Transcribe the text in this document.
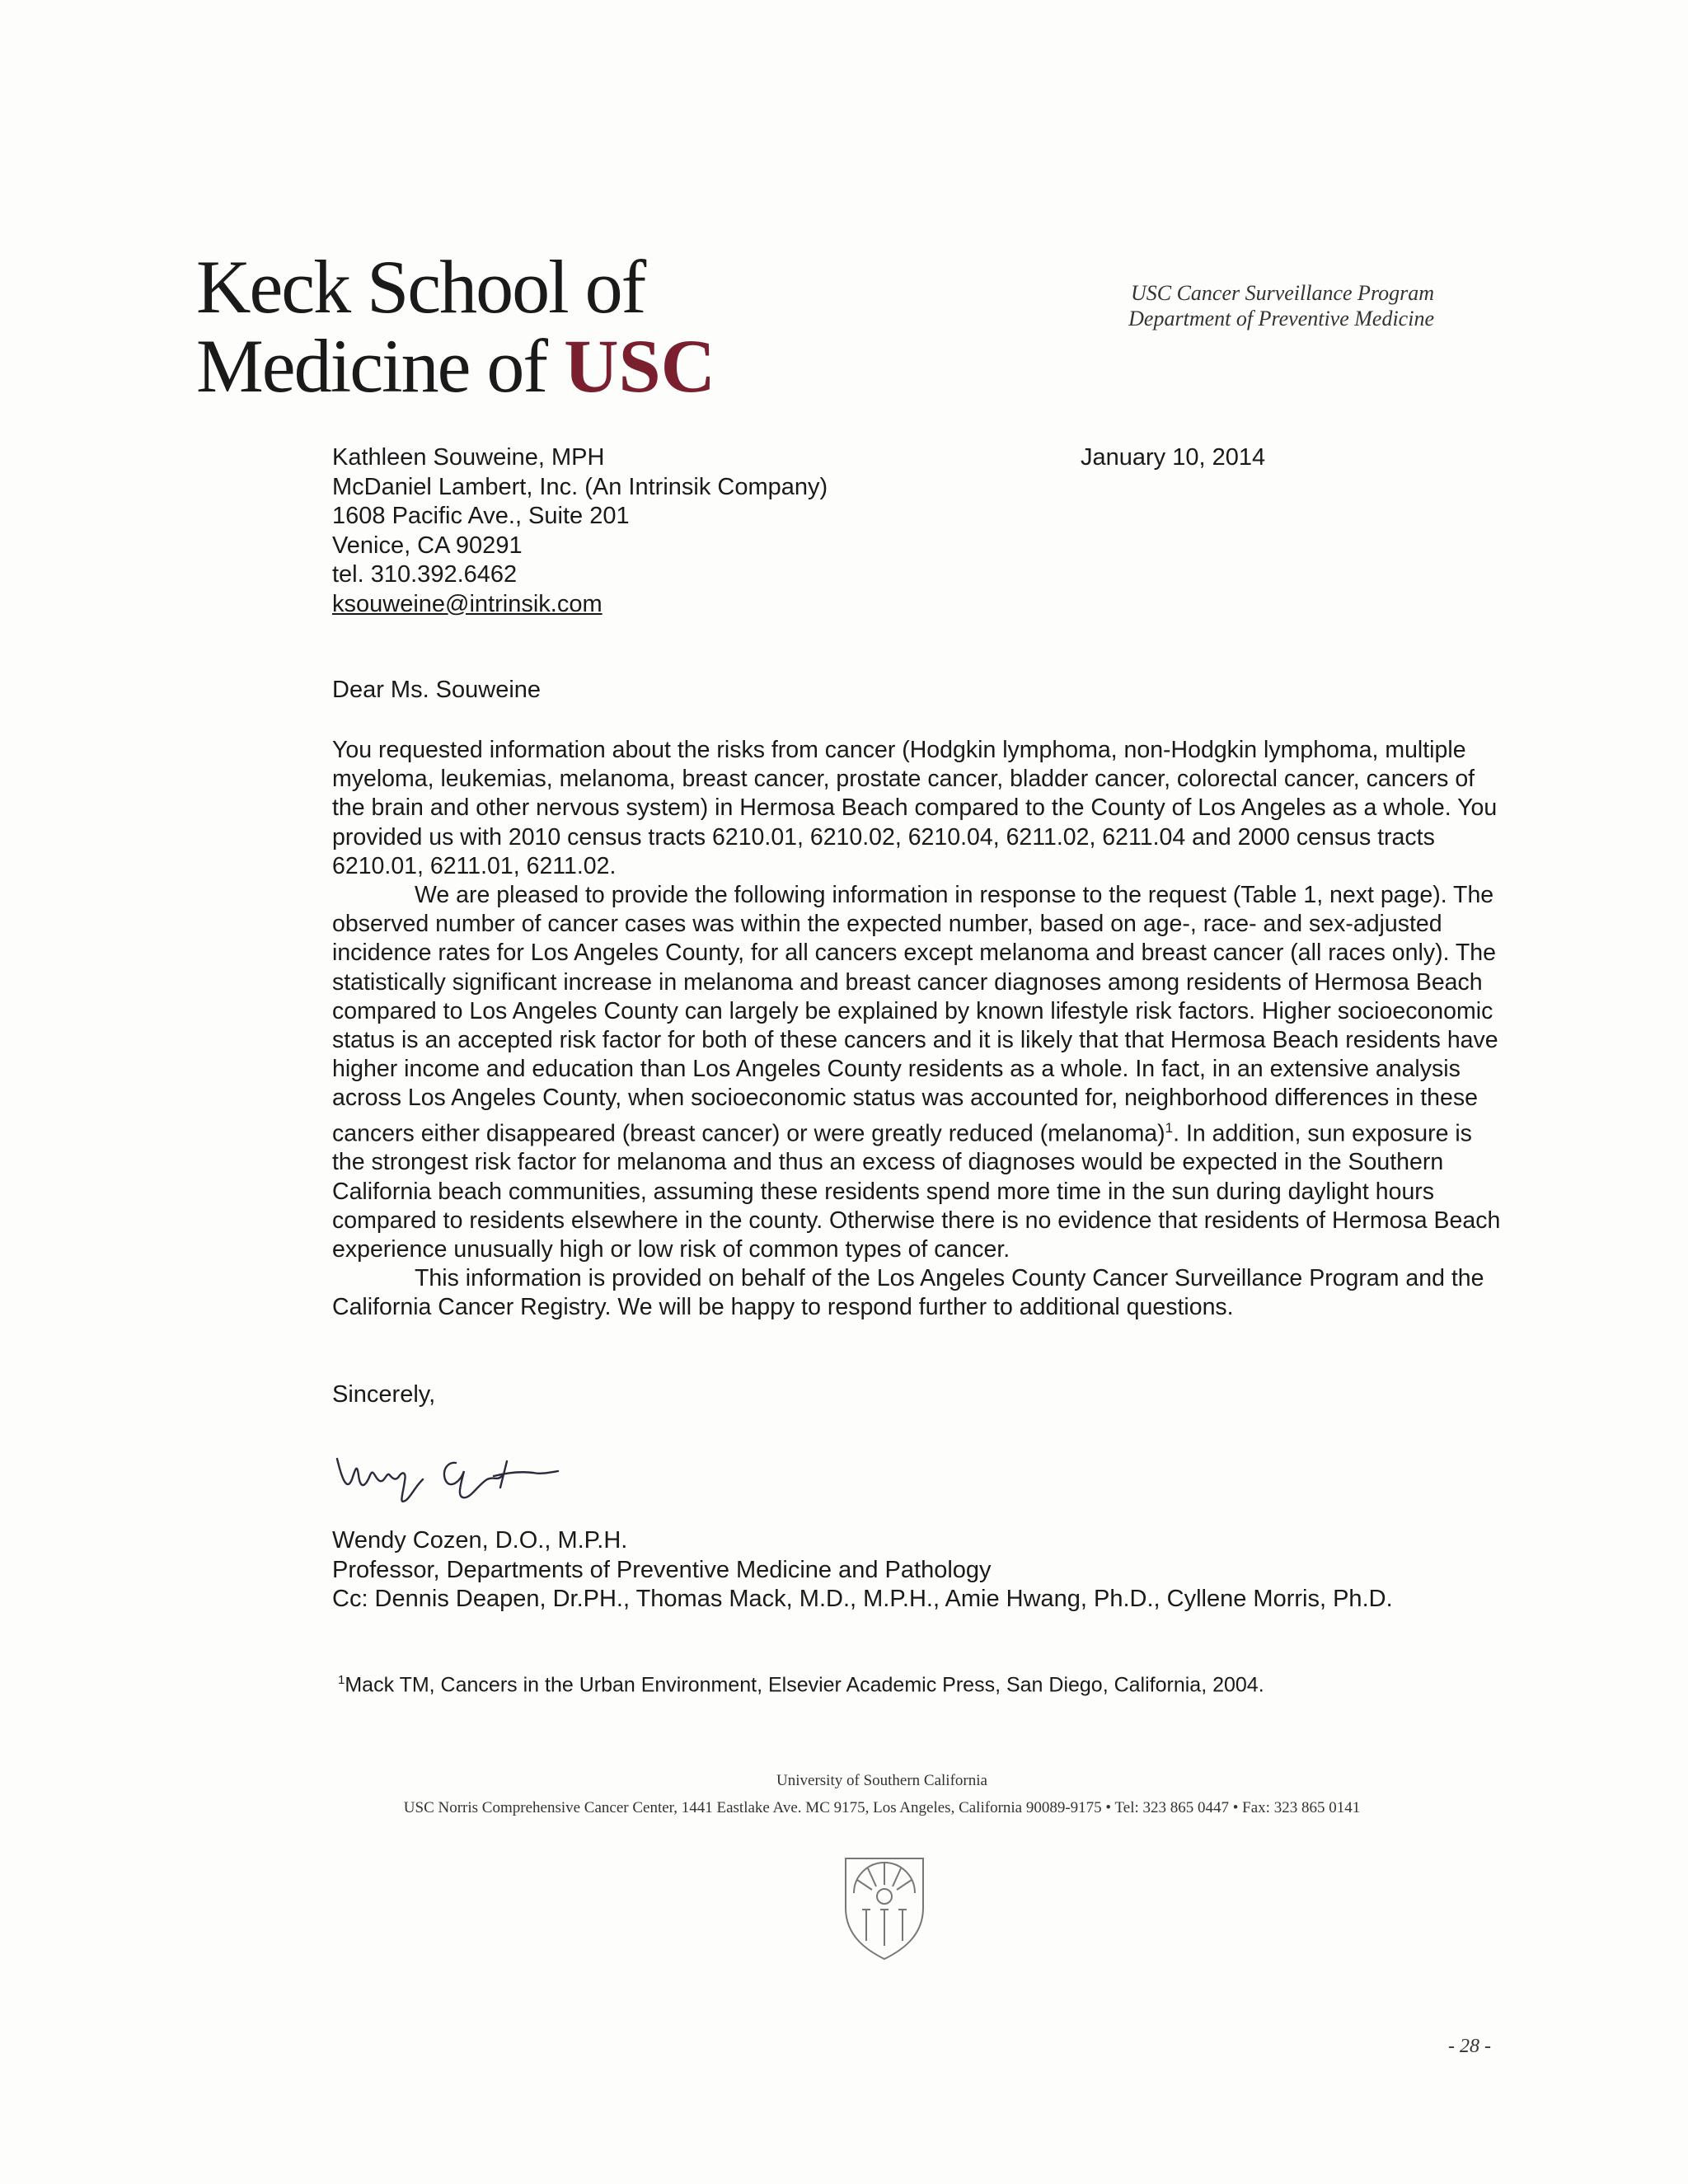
Keck School of
Medicine of USC
USC Cancer Surveillance Program
Department of Preventive Medicine
Kathleen Souweine, MPH
McDaniel Lambert, Inc. (An Intrinsik Company)
1608 Pacific Ave., Suite 201
Venice, CA 90291
tel. 310.392.6462
ksouweine@intrinsik.com
January 10, 2014
Dear Ms. Souweine

You requested information about the risks from cancer (Hodgkin lymphoma, non-Hodgkin lymphoma, multiple myeloma, leukemias, melanoma, breast cancer, prostate cancer, bladder cancer, colorectal cancer, cancers of the brain and other nervous system) in Hermosa Beach compared to the County of Los Angeles as a whole. You provided us with 2010 census tracts 6210.01, 6210.02, 6210.04, 6211.02, 6211.04 and 2000 census tracts 6210.01, 6211.01, 6211.02.

We are pleased to provide the following information in response to the request (Table 1, next page). The observed number of cancer cases was within the expected number, based on age-, race- and sex-adjusted incidence rates for Los Angeles County, for all cancers except melanoma and breast cancer (all races only). The statistically significant increase in melanoma and breast cancer diagnoses among residents of Hermosa Beach compared to Los Angeles County can largely be explained by known lifestyle risk factors. Higher socioeconomic status is an accepted risk factor for both of these cancers and it is likely that that Hermosa Beach residents have higher income and education than Los Angeles County residents as a whole. In fact, in an extensive analysis across Los Angeles County, when socioeconomic status was accounted for, neighborhood differences in these cancers either disappeared (breast cancer) or were greatly reduced (melanoma)$^1$. In addition, sun exposure is the strongest risk factor for melanoma and thus an excess of diagnoses would be expected in the Southern California beach communities, assuming these residents spend more time in the sun during daylight hours compared to residents elsewhere in the county. Otherwise there is no evidence that residents of Hermosa Beach experience unusually high or low risk of common types of cancer.

This information is provided on behalf of the Los Angeles County Cancer Surveillance Program and the California Cancer Registry. We will be happy to respond further to additional questions.

Sincerely,
Wendy Cozen, D.O., M.P.H.
Professor, Departments of Preventive Medicine and Pathology
Cc: Dennis Deapen, Dr.PH., Thomas Mack, M.D., M.P.H., Amie Hwang, Ph.D., Cyllene Morris, Ph.D.
$^1$Mack TM, Cancers in the Urban Environment, Elsevier Academic Press, San Diego, California, 2004.
University of Southern California
USC Norris Comprehensive Cancer Center, 1441 Eastlake Ave. MC 9175, Los Angeles, California 90089-9175 • Tel: 323 865 0447 • Fax: 323 865 0141
- 28 -
